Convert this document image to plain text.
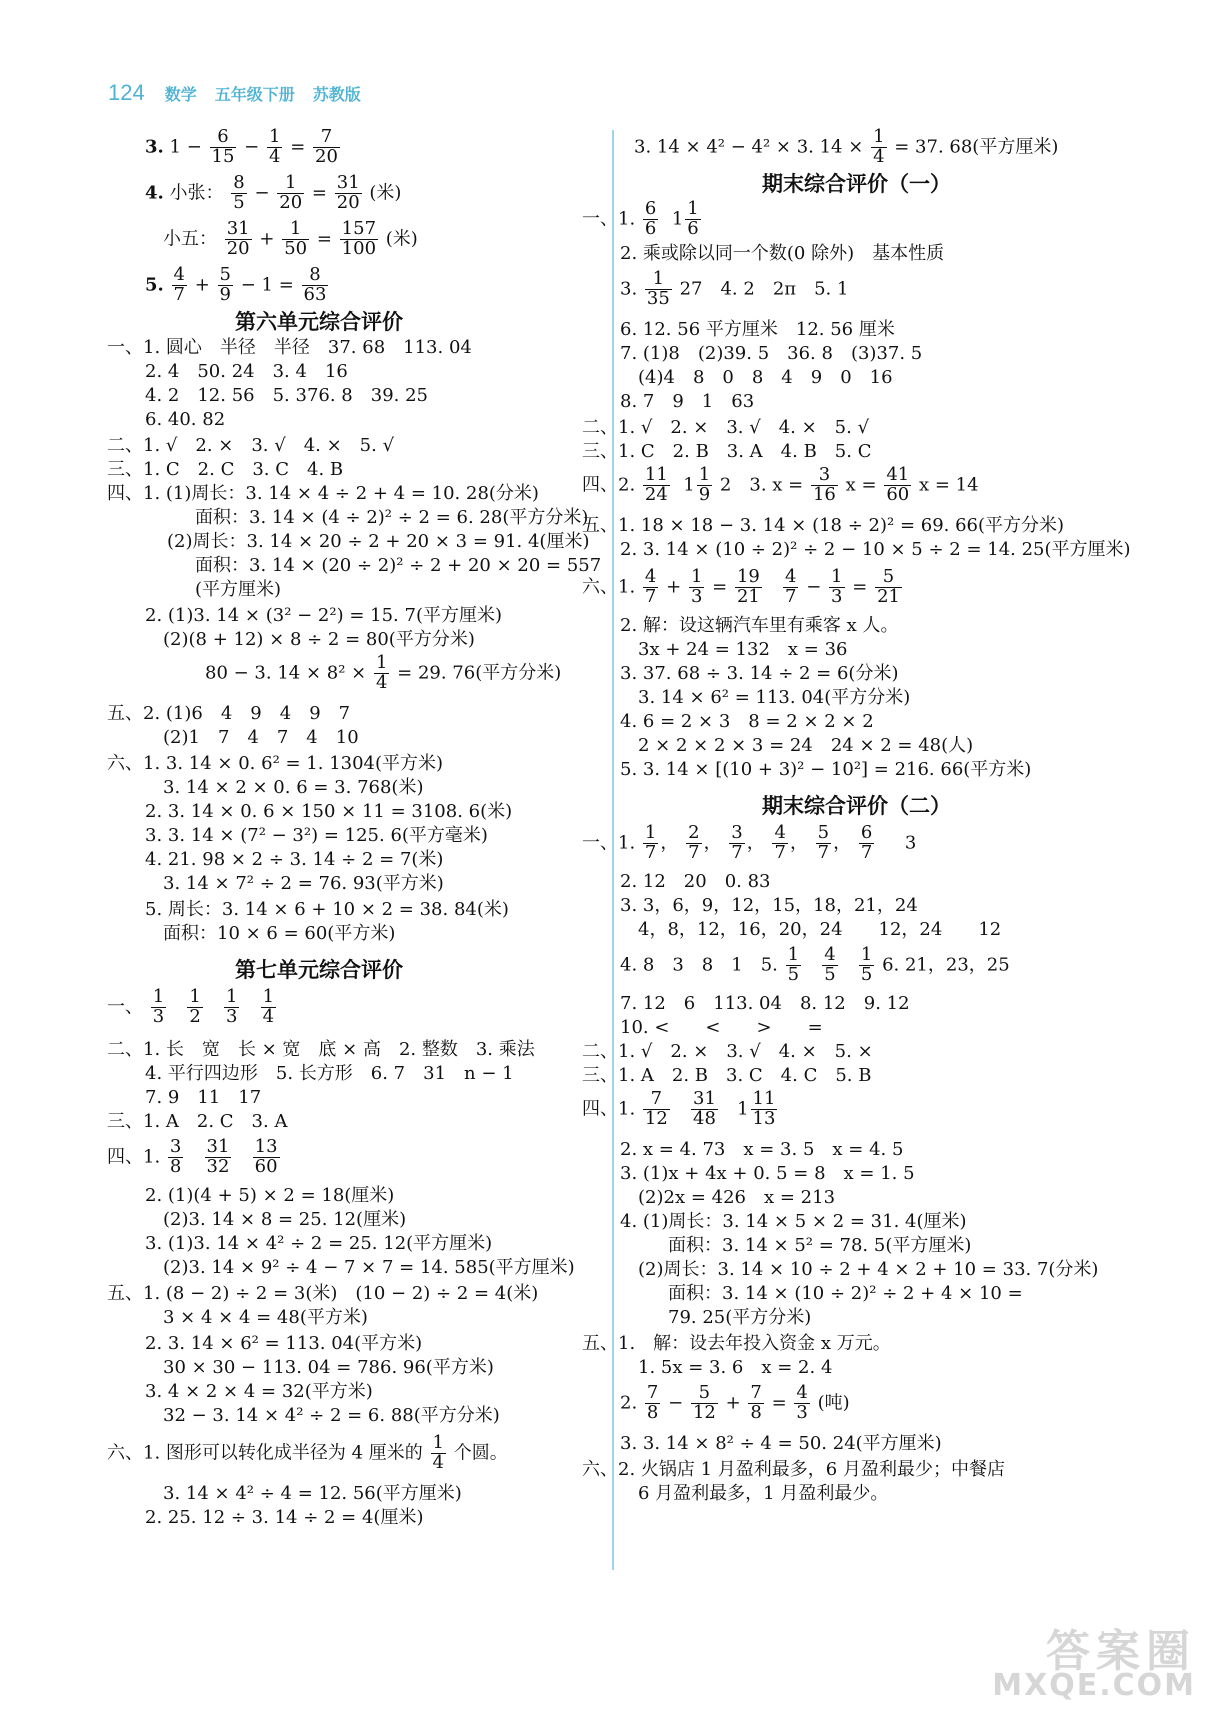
124 数学 五年级下册 苏教版
3. $1 - \frac{6}{15} - \frac{1}{4} = \frac{7}{20}$
4. 小张： $\frac{8}{5} - \frac{1}{20} = \frac{31}{20}$ (米)
小五： $\frac{31}{20} + \frac{1}{50} = \frac{157}{100}$ (米)
5. $\frac{4}{7} + \frac{5}{9} - 1 = \frac{8}{63}$
第六单元综合评价
一、1. 圆心　半径　半径　37. 68　113. 04
2. 4　50. 24　3. 4　16
4. 2　12. 56　5. 376. 8　39. 25
6. 40. 82
二、1. √　2. ×　3. √　4. ×　5. √
三、1. C　2. C　3. C　4. B
四、1. (1)周长：3. 14 × 4 ÷ 2 + 4 = 10. 28(分米)
面积：3. 14 × (4 ÷ 2)² ÷ 2 = 6. 28(平方分米)
(2)周长：3. 14 × 20 ÷ 2 + 20 × 3 = 91. 4(厘米)
面积：3. 14 × (20 ÷ 2)² ÷ 2 + 20 × 20 = 557
(平方厘米)
2. (1)3. 14 × (3² − 2²) = 15. 7(平方厘米)
(2)(8 + 12) × 8 ÷ 2 = 80(平方分米)
80 − 3. $14 \times 8^2 \times \frac{1}{4} = 29$. 76(平方分米)
五、2. (1)6　4　9　4　9　7
(2)1　7　4　7　4　10
六、1. 3. 14 × 0. 6² = 1. 1304(平方米)
3. 14 × 2 × 0. 6 = 3. 768(米)
2. 3. 14 × 0. 6 × 150 × 11 = 3108. 6(米)
3. 3. 14 × (7² − 3²) = 125. 6(平方毫米)
4. 21. 98 × 2 ÷ 3. 14 ÷ 2 = 7(米)
3. 14 × 7² ÷ 2 = 76. 93(平方米)
5. 周长：3. 14 × 6 + 10 × 2 = 38. 84(米)
面积：10 × 6 = 60(平方米)
第七单元综合评价
一、 $\frac{1}{3}$
$\frac{1}{2}$
$\frac{1}{3}$
$\frac{1}{4}$
二、1. 长　宽　长 × 宽　底 × 高　2. 整数　3. 乘法
4. 平行四边形　5. 长方形　6. 7　31　n − 1
7. 9　11　17
三、1. A　2. C　3. A
四、1. $\frac{3}{8}$
$\frac{31}{32}$
$\frac{13}{60}$
2. (1)(4 + 5) × 2 = 18(厘米)
(2)3. 14 × 8 = 25. 12(厘米)
3. (1)3. 14 × 4² ÷ 2 = 25. 12(平方厘米)
(2)3. 14 × 9² ÷ 4 − 7 × 7 = 14. 585(平方厘米)
五、1. (8 − 2) ÷ 2 = 3(米)　(10 − 2) ÷ 2 = 4(米)
3 × 4 × 4 = 48(平方米)
2. 3. 14 × 6² = 113. 04(平方米)
30 × 30 − 113. 04 = 786. 96(平方米)
3. 4 × 2 × 4 = 32(平方米)
32 − 3. 14 × 4² ÷ 2 = 6. 88(平方分米)
六、1. 图形可以转化成半径为 4 厘米的 $\frac{1}{4}$ 个圆。
3. 14 × 4² ÷ 4 = 12. 56(平方厘米)
2. 25. 12 ÷ 3. 14 ÷ 2 = 4(厘米)
3. 14 × 4² − 4² × 3. $14 \times \frac{1}{4} = 37$. 68(平方厘米)
期末综合评价（一）
一、1. $\frac{6}{6} 1 \frac{1}{6}$
2. 乘或除以同一个数(0 除外)　基本性质
3. $\frac{1}{35} 27$　4. 2　2π　5. 1
6. 12. 56 平方厘米　12. 56 厘米
7. (1)8　(2)39. 5　36. 8　(3)37. 5
(4)4　8　0　8　4　9　0　16
8. 7　9　1　63
二、1. √　2. ×　3. √　4. ×　5. √
三、1. C　2. B　3. A　4. B　5. C
四、2. $\frac{11}{24} 1 \frac{1}{9} 2$　3. $x = \frac{3}{16}$ $x = \frac{41}{60}$ x = 14
五、1. 18 × 18 − 3. 14 × (18 ÷ 2)² = 69. 66(平方分米)
2. 3. 14 × (10 ÷ 2)² ÷ 2 − 10 × 5 ÷ 2 = 14. 25(平方厘米)
六、1. $\frac{4}{7} + \frac{1}{3} = \frac{19}{21}$
$\frac{4}{7} - \frac{1}{3} = \frac{5}{21}$
2. 解：设这辆汽车里有乘客 x 人。
3x + 24 = 132　x = 36
3. 37. 68 ÷ 3. 14 ÷ 2 = 6(分米)
3. 14 × 6² = 113. 04(平方分米)
4. 6 = 2 × 3　8 = 2 × 2 × 2
2 × 2 × 2 × 3 = 24　24 × 2 = 48(人)
5. 3. 14 × [(10 + 3)² − 10²] = 216. 66(平方米)
期末综合评价（二）
一、1. $\frac{1}{7}$ ， $\frac{2}{7}$ ， $\frac{3}{7}$ ， $\frac{4}{7}$ ， $\frac{5}{7}$ ， $\frac{6}{7} 3$
2. 12　20　0. 83
3. 3，6，9，12，15，18，21，24
4，8，12，16，20，24　　12，24　　12
4. 8　3　8　1　5. $\frac{1}{5}$
$\frac{4}{5}$
$\frac{1}{5} 6$. 21，23，25
7. 12　6　113. 04　8. 12　9. 12
10. <　　<　　>　　=
二、1. √　2. ×　3. √　4. ×　5. ×
三、1. A　2. B　3. C　4. C　5. B
四、1. $\frac{7}{12}$
$\frac{31}{48} 1 \frac{11}{13}$
2. x = 4. 73　x = 3. 5　x = 4. 5
3. (1)x + 4x + 0. 5 = 8　x = 1. 5
(2)2x = 426　x = 213
4. (1)周长：3. 14 × 5 × 2 = 31. 4(厘米)
面积：3. 14 × 5² = 78. 5(平方厘米)
(2)周长：3. 14 × 10 ÷ 2 + 4 × 2 + 10 = 33. 7(分米)
面积：3. 14 × (10 ÷ 2)² ÷ 2 + 4 × 10 =
79. 25(平方分米)
五、1.　解：设去年投入资金 x 万元。
1. 5x = 3. 6　x = 2. 4
2. $\frac{7}{8} - \frac{5}{12} + \frac{7}{8} = \frac{4}{3}$ (吨)
3. 3. 14 × 8² ÷ 4 = 50. 24(平方厘米)
六、2. 火锅店 1 月盈利最多，6 月盈利最少；中餐店
6 月盈利最多，1 月盈利最少。
答案圈
MXQE.COM
